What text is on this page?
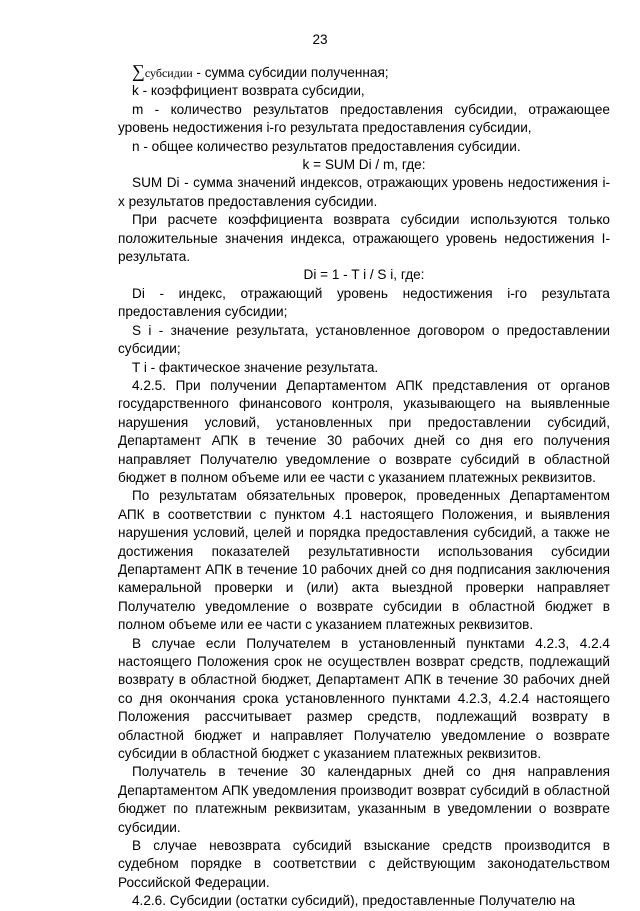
23

∑субсидии - сумма субсидии полученная;

k - коэффициент возврата субсидии,

m - количество результатов предоставления субсидии, отражающее уровень недостижения i-го результата предоставления субсидии,

n - общее количество результатов предоставления субсидии.

k = SUM Di / m, где:

SUM Di - сумма значений индексов, отражающих уровень недостижения i-х результатов предоставления субсидии.

При расчете коэффициента возврата субсидии используются только положительные значения индекса, отражающего уровень недостижения I-результата.

Di = 1 - T i / S i, где:

Di - индекс, отражающий уровень недостижения i-го результата предоставления субсидии;

S i - значение результата, установленное договором о предоставлении субсидии;

T i - фактическое значение результата.

4.2.5. При получении Департаментом АПК представления от органов государственного финансового контроля, указывающего на выявленные нарушения условий, установленных при предоставлении субсидий, Департамент АПК в течение 30 рабочих дней со дня его получения направляет Получателю уведомление о возврате субсидий в областной бюджет в полном объеме или ее части с указанием платежных реквизитов.

По результатам обязательных проверок, проведенных Департаментом АПК в соответствии с пунктом 4.1 настоящего Положения, и выявления нарушения условий, целей и порядка предоставления субсидий, а также не достижения показателей результативности использования субсидии Департамент АПК в течение 10 рабочих дней со дня подписания заключения камеральной проверки и (или) акта выездной проверки направляет Получателю уведомление о возврате субсидии в областной бюджет в полном объеме или ее части с указанием платежных реквизитов.

В случае если Получателем в установленный пунктами 4.2.3, 4.2.4 настоящего Положения срок не осуществлен возврат средств, подлежащий возврату в областной бюджет, Департамент АПК в течение 30 рабочих дней со дня окончания срока установленного пунктами 4.2.3, 4.2.4 настоящего Положения рассчитывает размер средств, подлежащий возврату в областной бюджет и направляет Получателю уведомление о возврате субсидии в областной бюджет с указанием платежных реквизитов.

Получатель в течение 30 календарных дней со дня направления Департаментом АПК уведомления производит возврат субсидий в областной бюджет по платежным реквизитам, указанным в уведомлении о возврате субсидии.

В случае невозврата субсидий взыскание средств производится в судебном порядке в соответствии с действующим законодательством Российской Федерации.

4.2.6. Субсидии (остатки субсидий), предоставленные Получателю на
